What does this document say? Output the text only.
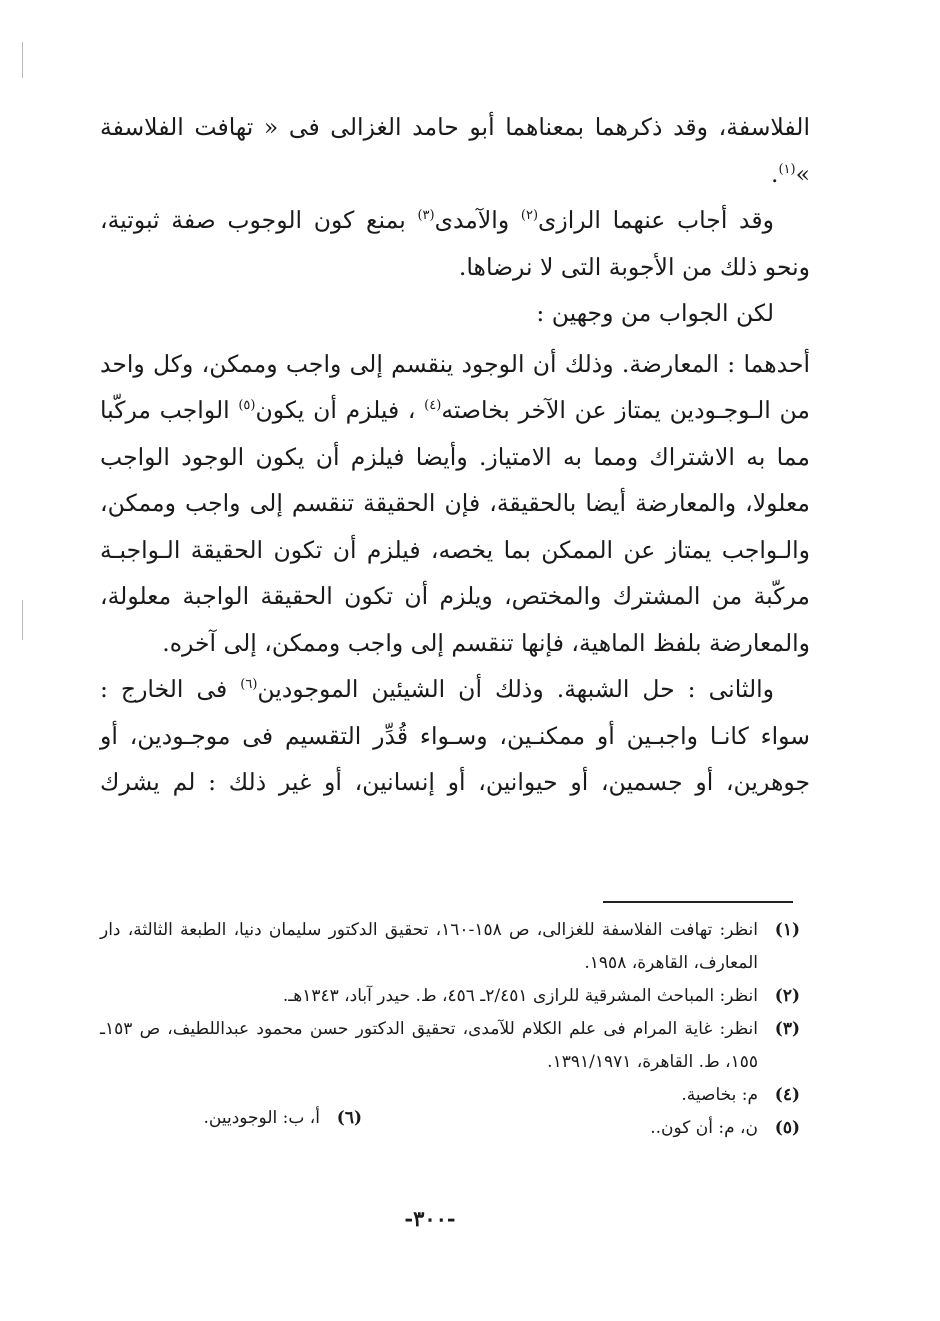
الفلاسفة، وقد ذكرهما بمعناهما أبو حامد الغزالى فى « تهافت الفلاسفة »$^{(١)}$.

وقد أجاب عنهما الرازى$^{(٢)}$ والآمدى$^{(٣)}$ بمنع كون الوجوب صفة ثبوتية، ونحو ذلك من الأجوبة التى لا نرضاها.

لكن الجواب من وجهين :

أحدهما : المعارضة. وذلك أن الوجود ينقسم إلى واجب وممكن، وكل واحد من الـوجـودين يمتاز عن الآخر بخاصته$^{(٤)}$ ، فيلزم أن يكون$^{(٥)}$ الواجب مركّبا مما به الاشتراك ومما به الامتياز. وأيضا فيلزم أن يكون الوجود الواجب معلولا، والمعارضة أيضا بالحقيقة، فإن الحقيقة تنقسم إلى واجب وممكن، والـواجب يمتاز عن الممكن بما يخصه، فيلزم أن تكون الحقيقة الـواجبـة مركّبة من المشترك والمختص، ويلزم أن تكون الحقيقة الواجبة معلولة، والمعارضة بلفظ الماهية، فإنها تنقسم إلى واجب وممكن، إلى آخره.

والثانى : حل الشبهة. وذلك أن الشيئين الموجودين$^{(٦)}$ فى الخارج : سواء كانـا واجبـين أو ممكنـين، وسـواء قُدِّر التقسيم فى موجـودين، أو جوهرين، أو جسمين، أو حيوانين، أو إنسانين، أو غير ذلك : لم يشرك

(١)
انظر: تهافت الفلاسفة للغزالى، ص ١٥٨-١٦٠، تحقيق الدكتور سليمان دنيا، الطبعة الثالثة، دار المعارف، القاهرة، ١٩٥٨.
(٢)
انظر: المباحث المشرقية للرازى ٢/٤٥١ـ ٤٥٦، ط. حيدر آباد، ١٣٤٣هـ.
(٣)
انظر: غاية المرام فى علم الكلام للآمدى، تحقيق الدكتور حسن محمود عبداللطيف، ص ١٥٣ـ ١٥٥، ط. القاهرة، ١٣٩١/١٩٧١.
(٤)
م: بخاصية.
(٥)
ن، م: أن كون..
(٦)
أ، ب: الوجوديين.
-٣٠٠-
